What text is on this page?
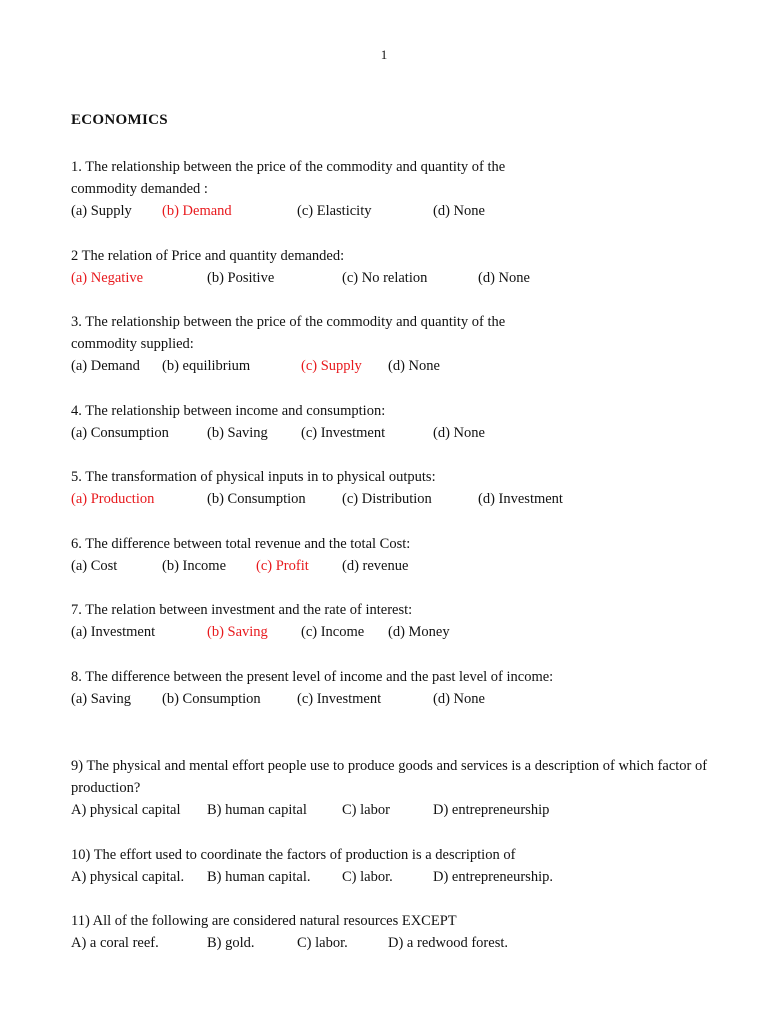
1
ECONOMICS

1. The relationship between the price of the commodity and quantity of the commodity demanded :

(a) Supply (b) Demand	(c) Elasticity	(d) None

2 The relation of Price and quantity demanded:

(a) Negative	(b) Positive	(c) No relation	(d) None

3. The relationship between the price of the commodity and quantity of the commodity supplied:

(a) Demand (b) equilibrium	(c) Supply (d) None

4. The relationship between income and consumption:

(a) Consumption	(b) Saving (c) Investment	(d) None

5. The transformation of physical inputs in to physical outputs:

(a) Production	(b) Consumption	(c) Distribution	(d) Investment

6. The difference between total revenue and the total Cost:

(a) Cost	(b) Income (c) Profit (d) revenue

7. The relation between investment and the rate of interest:

(a) Investment	(b) Saving (c) Income (d) Money

8. The difference between the present level of income and the past level of income:

(a) Saving (b) Consumption	(c) Investment	(d) None

9) The physical and mental effort people use to produce goods and services is a description of which factor of production?

A) physical capital B) human capital C) labor	D) entrepreneurship

10) The effort used to coordinate the factors of production is a description of

A) physical capital. B) human capital. C) labor.	D) entrepreneurship.

11) All of the following are considered natural resources EXCEPT

A) a coral reef.	B) gold.	C) labor.	D) a redwood forest.
